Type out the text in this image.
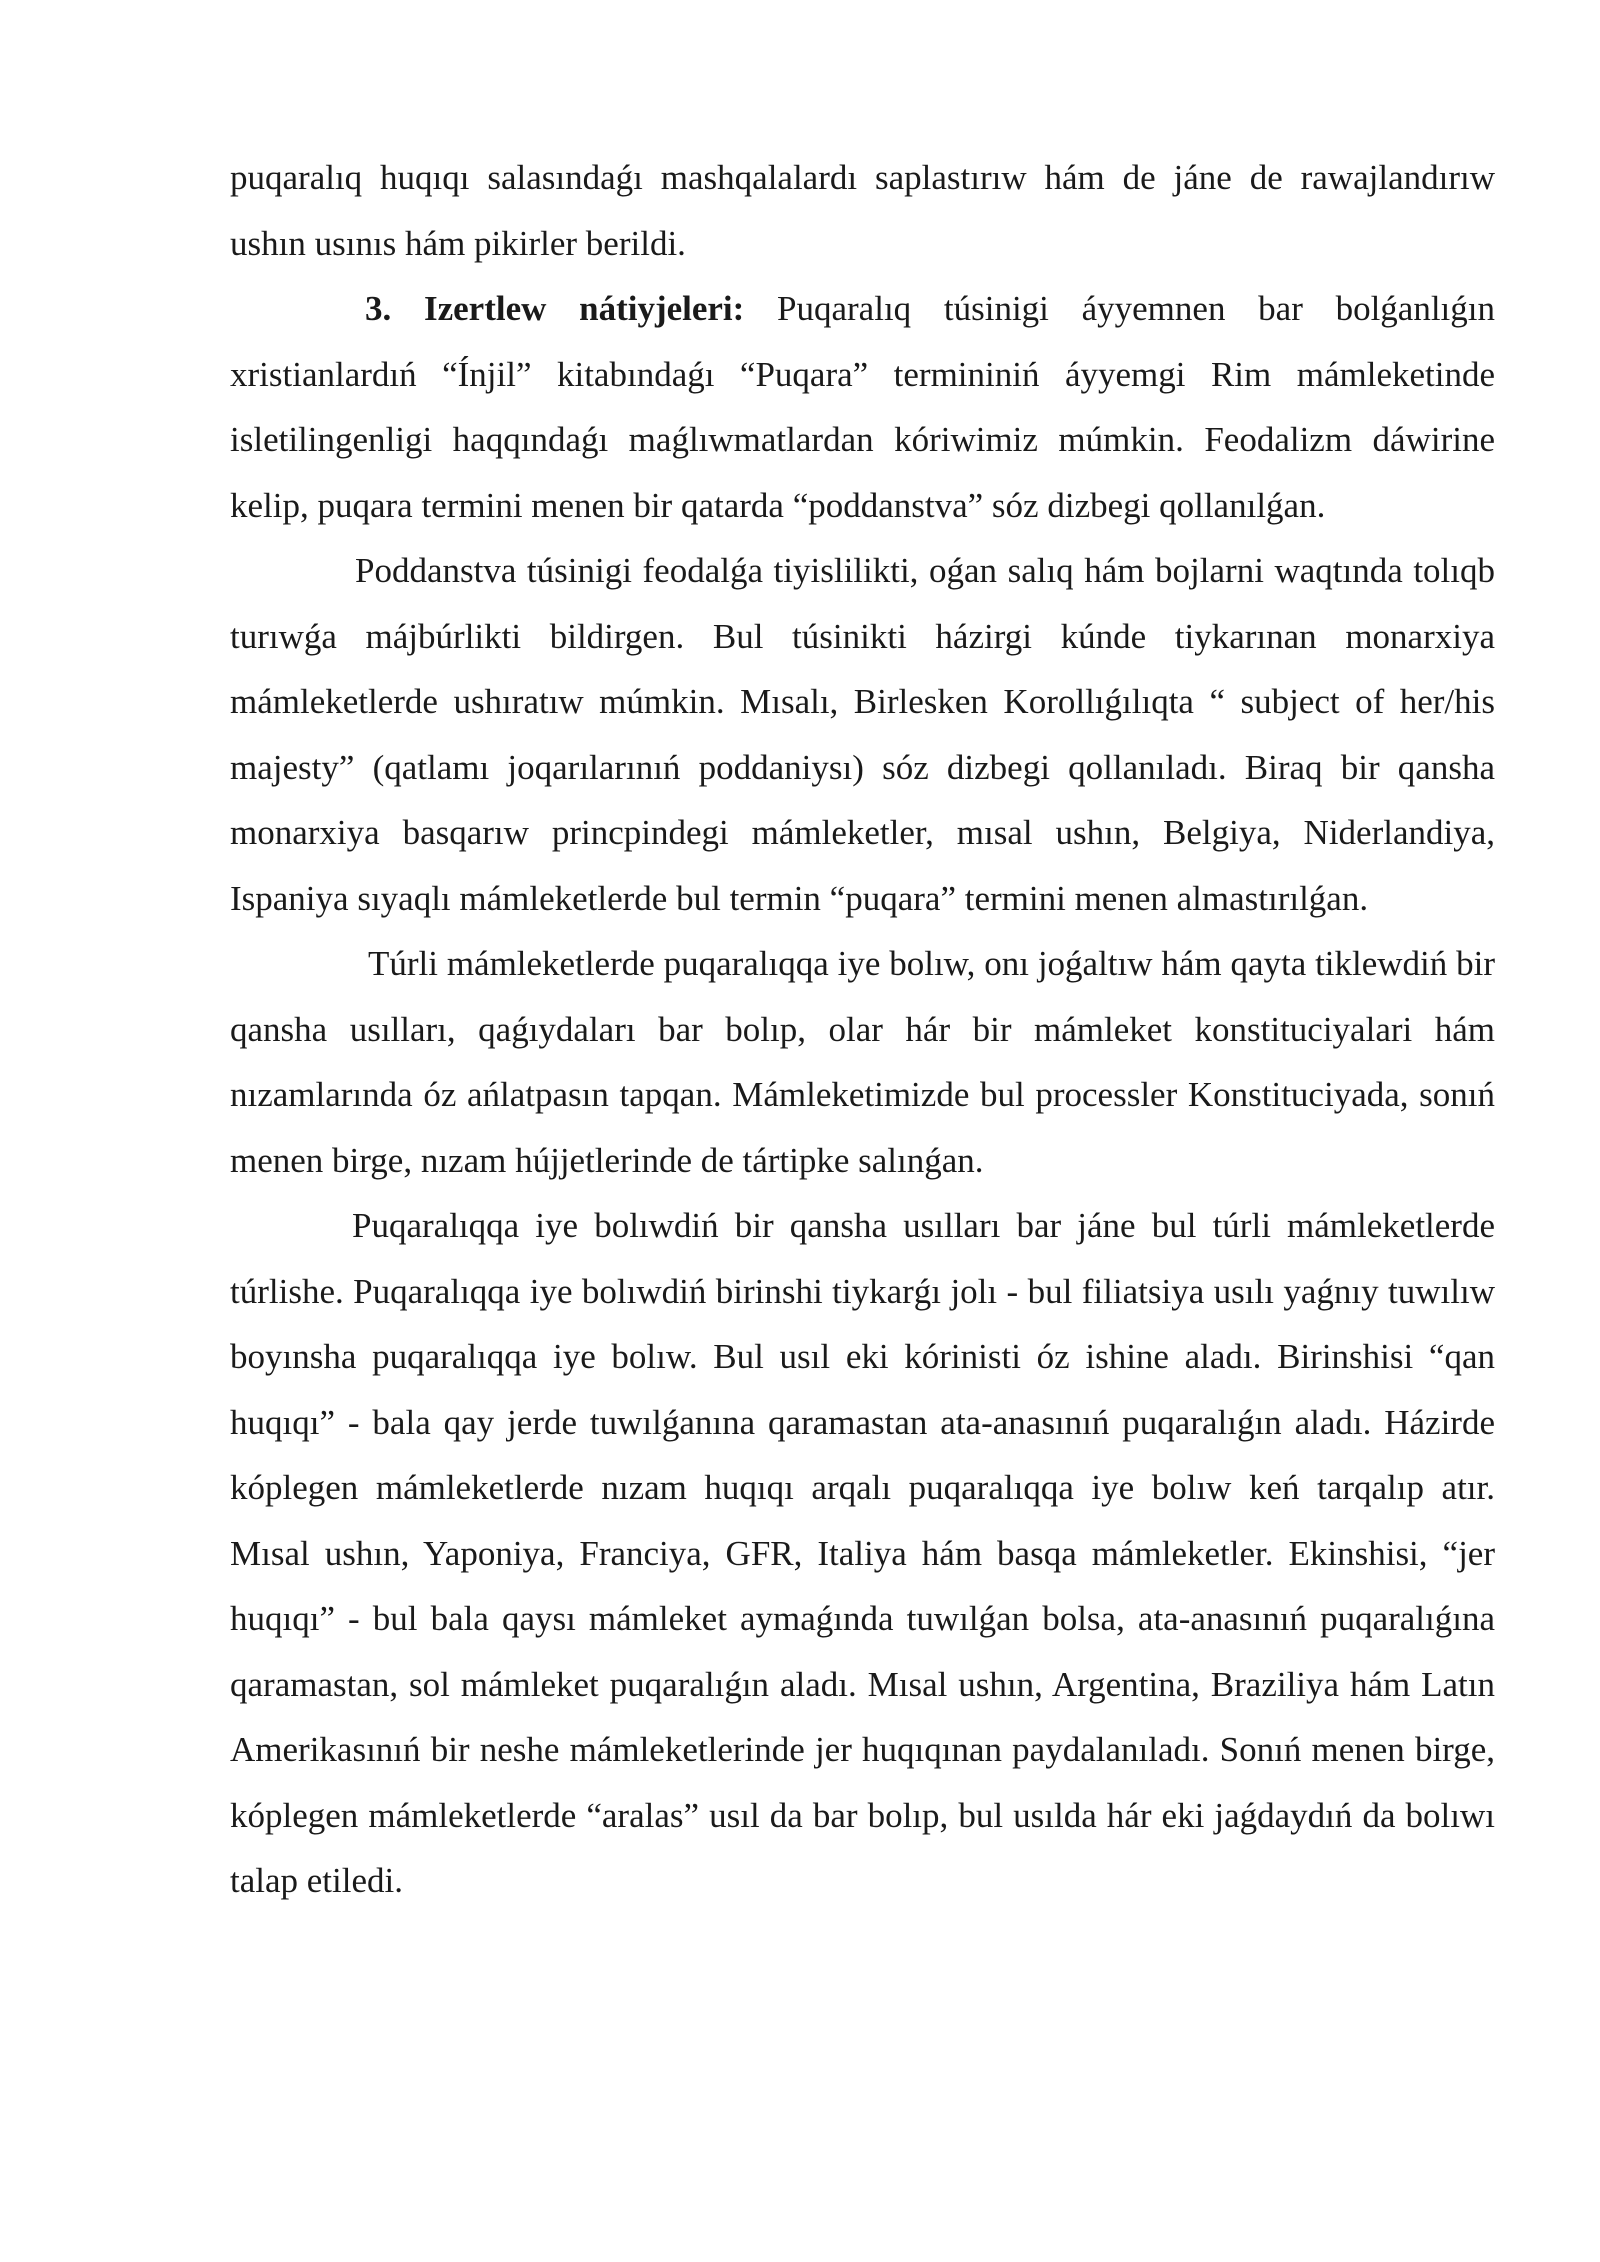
puqaralıq huqıqı salasındaǵı mashqalalardı saplastırıw hám de jáne de rawajlandırıw ushın usınıs hám pikirler berildi.

3. Izertlew nátiyjeleri: Puqaralıq túsinigi áyyemnen bar bolǵanlıǵın xristianlardıń “Ínjil” kitabındaǵı “Puqara” termininiń áyyemgi Rim mámleketinde isletilingenligi haqqındaǵı maǵlıwmatlardan kóriwimiz múmkin. Feodalizm dáwirine kelip, puqara termini menen bir qatarda “poddanstva” sóz dizbegi qollanılǵan.

Poddanstva túsinigi feodalǵa tiyislilikti, oǵan salıq hám bojlarni waqtında tolıqb turıwǵa májbúrlikti bildirgen. Bul túsinikti házirgi kúnde tiykarınan monarxiya mámleketlerde ushıratıw múmkin. Mısalı, Birlesken Korollıǵılıqta “ subject of her/his majesty” (qatlamı joqarılarınıń poddaniysı) sóz dizbegi qollanıladı. Biraq bir qansha monarxiya basqarıw princpindegi mámleketler, mısal ushın, Belgiya, Niderlandiya, Ispaniya sıyaqlı mámleketlerde bul termin “puqara” termini menen almastırılǵan.

Túrli mámleketlerde puqaralıqqa iye bolıw, onı joǵaltıw hám qayta tiklewdiń bir qansha usılları, qaǵıydaları bar bolıp, olar hár bir mámleket konstituciyalari hám nızamlarında óz ańlatpasın tapqan. Mámleketimizde bul processler Konstituciyada, sonıń menen birge, nızam hújjetlerinde de tártipke salınǵan.

Puqaralıqqa iye bolıwdiń bir qansha usılları bar jáne bul túrli mámleketlerde túrlishe. Puqaralıqqa iye bolıwdiń birinshi tiykarǵı jolı - bul filiatsiya usılı yaǵnıy tuwılıw boyınsha puqaralıqqa iye bolıw. Bul usıl eki kórinisti óz ishine aladı. Birinshisi “qan huqıqı” - bala qay jerde tuwılǵanına qaramastan ata-anasınıń puqaralıǵın aladı. Házirde kóplegen mámleketlerde nızam huqıqı arqalı puqaralıqqa iye bolıw keń tarqalıp atır. Mısal ushın, Yaponiya, Franciya, GFR, Italiya hám basqa mámleketler. Ekinshisi, “jer huqıqı” - bul bala qaysı mámleket aymaǵında tuwılǵan bolsa, ata-anasınıń puqaralıǵına qaramastan, sol mámleket puqaralıǵın aladı. Mısal ushın, Argentina, Braziliya hám Latın Amerikasınıń bir neshe mámleketlerinde jer huqıqınan paydalanıladı. Sonıń menen birge, kóplegen mámleketlerde “aralas” usıl da bar bolıp, bul usılda hár eki jaǵdaydıń da bolıwı talap etiledi.
